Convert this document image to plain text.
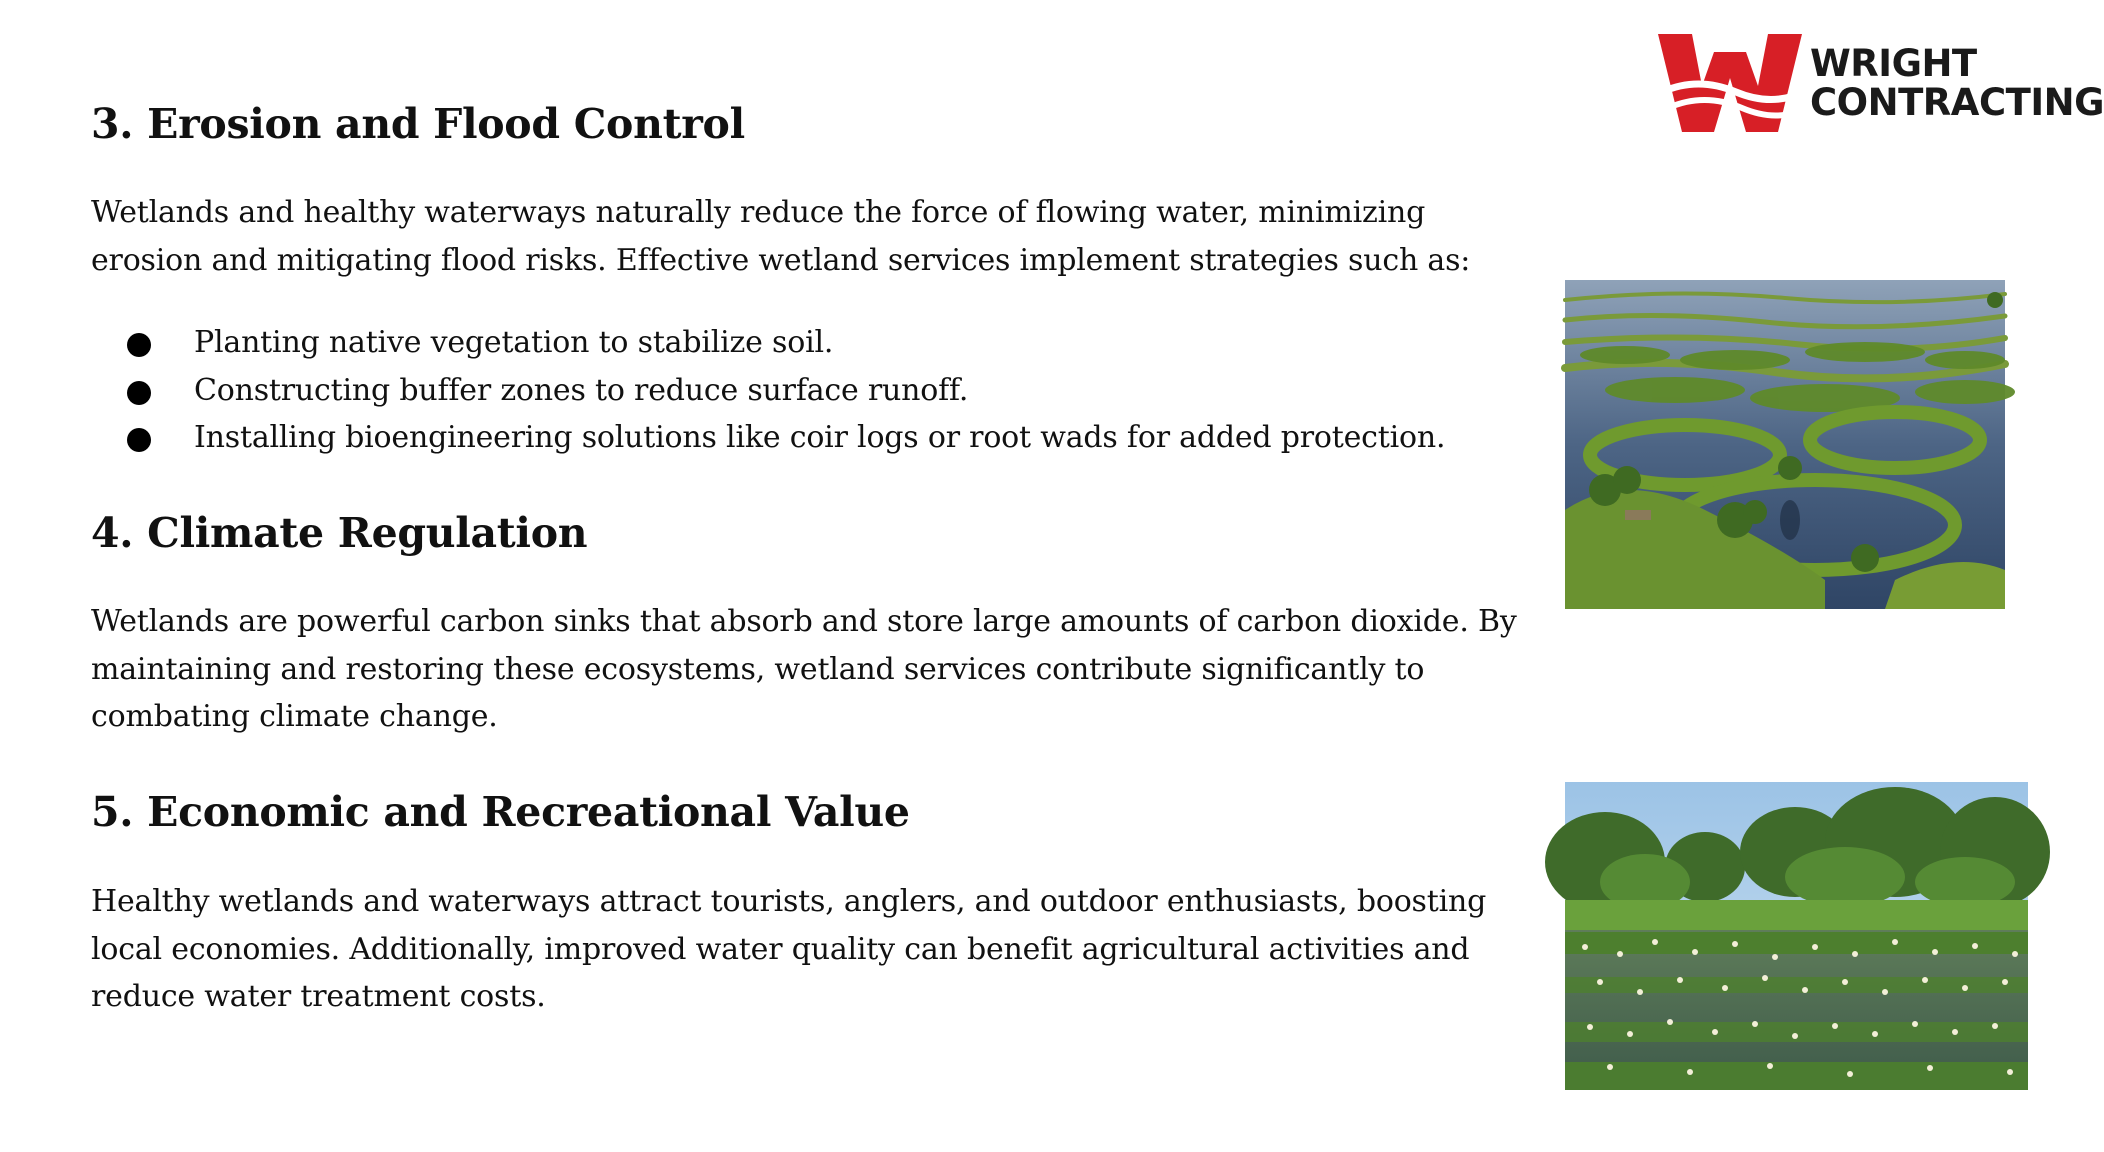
WRIGHT
CONTRACTING
3. Erosion and Flood Control

Wetlands and healthy waterways naturally reduce the force of flowing water, minimizing erosion and mitigating flood risks. Effective wetland services implement strategies such as:

Planting native vegetation to stabilize soil.
Constructing buffer zones to reduce surface runoff.
Installing bioengineering solutions like coir logs or root wads for added protection.
4. Climate Regulation

Wetlands are powerful carbon sinks that absorb and store large amounts of carbon dioxide. By maintaining and restoring these ecosystems, wetland services contribute significantly to combating climate change.

5. Economic and Recreational Value

Healthy wetlands and waterways attract tourists, anglers, and outdoor enthusiasts, boosting local economies. Additionally, improved water quality can benefit agricultural activities and reduce water treatment costs.
